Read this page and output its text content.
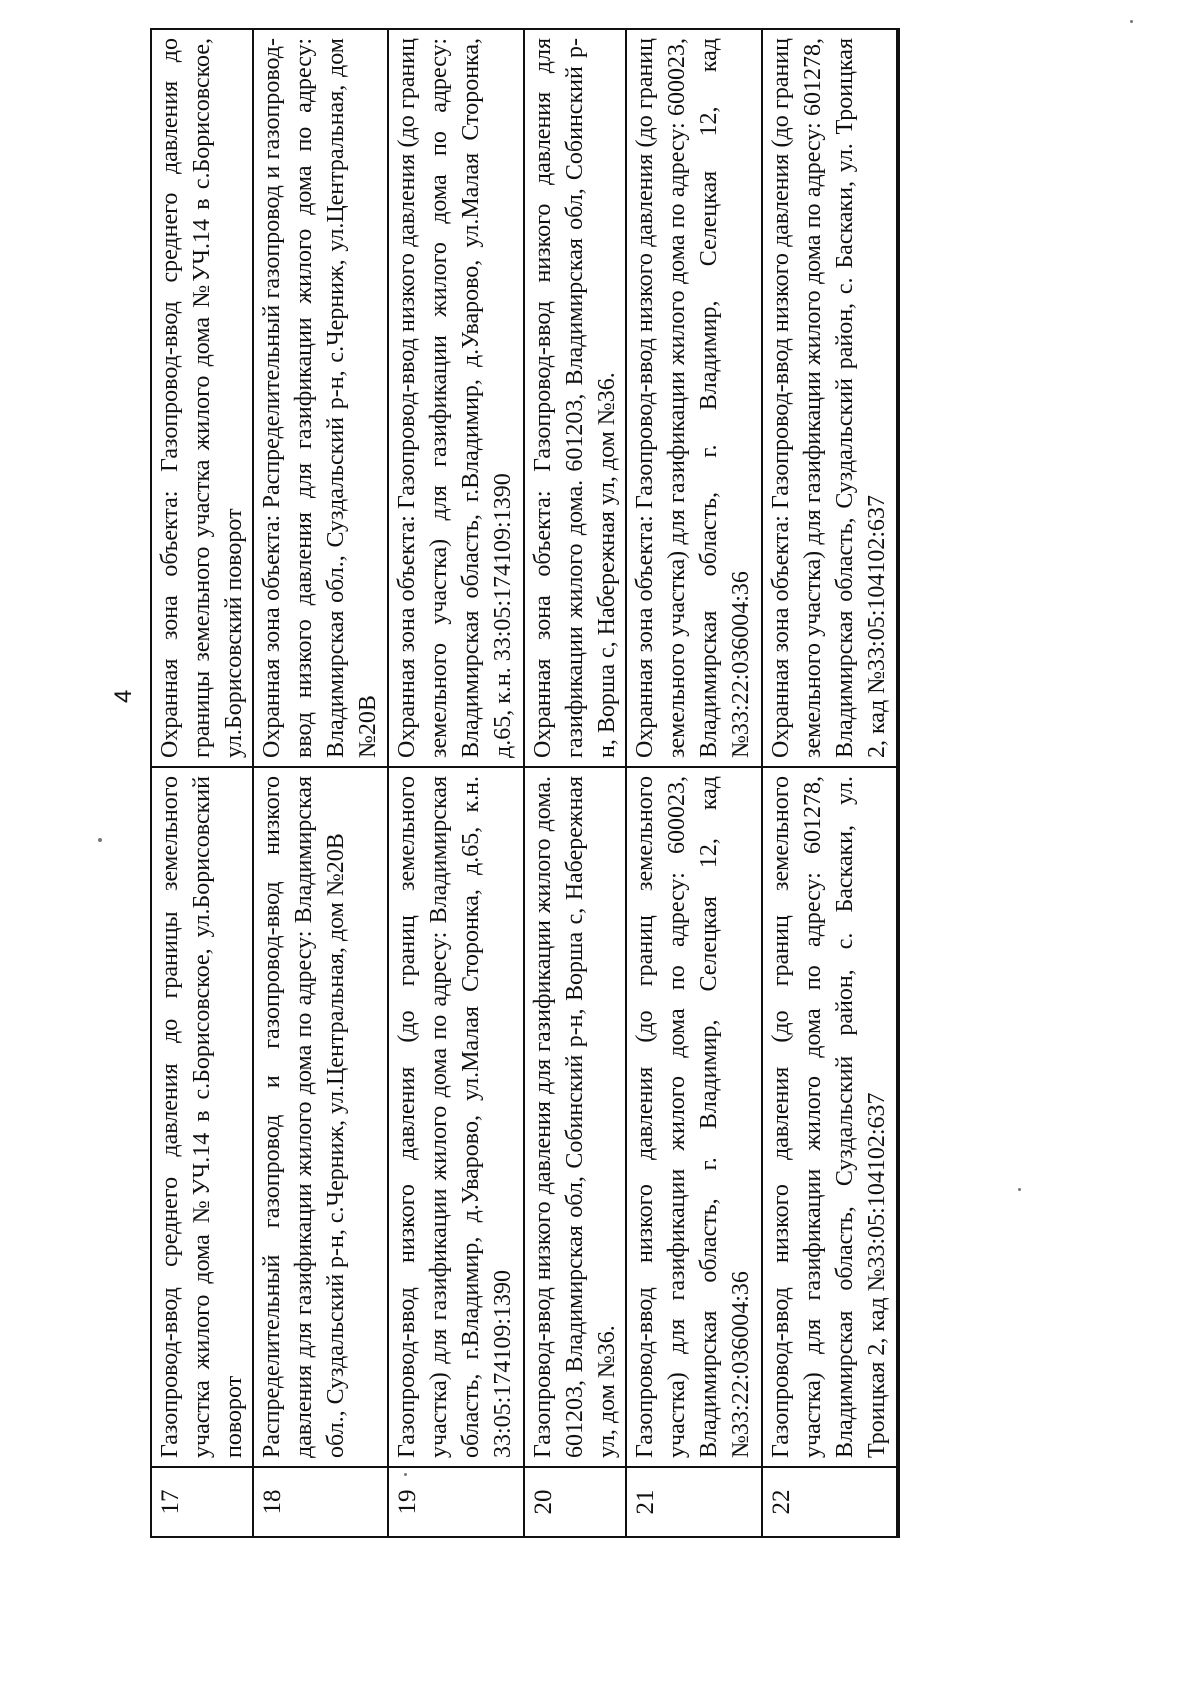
4
17
Газопровод-ввод среднего давления до границы земельного участка жилого дома №УЧ.14 в с.Борисовское, ул.Борисовский поворот
Охранная зона объекта: Газопровод-ввод среднего давления до границы земельного участка жилого дома №УЧ.14 в с.Борисовское, ул.Борисовский поворот
18
Распределительный газопровод и газопровод-ввод низкого давления для газификации жилого дома по адресу: Владимирская обл., Суздальский р-н, с.Черниж, ул.Центральная, дом №20В
Охранная зона объекта: Распределительный газопровод и газопровод-ввод низкого давления для газификации жилого дома по адресу: Владимирская обл., Суздальский р-н, с.Черниж, ул.Центральная, дом №20В
19
Газопровод-ввод низкого давления (до границ земельного участка) для газификации жилого дома по адресу: Владимирская область, г.Владимир, д.Уварово, ул.Малая Сторонка, д.65, к.н. 33:05:174109:1390
Охранная зона объекта: Газопровод-ввод низкого давления (до границ земельного участка) для газификации жилого дома по адресу: Владимирская область, г.Владимир, д.Уварово, ул.Малая Сторонка, д.65, к.н. 33:05:174109:1390
20
Газопровод-ввод низкого давления для газификации жилого дома. 601203, Владимирская обл, Собинский р-н, Ворша с, Набережная ул, дом №36.
Охранная зона объекта: Газопровод-ввод низкого давления для газификации жилого дома. 601203, Владимирская обл, Собинский р-н, Ворша с, Набережная ул, дом №36.
21
Газопровод-ввод низкого давления (до границ земельного участка) для газификации жилого дома по адресу: 600023, Владимирская область, г. Владимир, Селецкая 12, кад №33:22:036004:36
Охранная зона объекта: Газопровод-ввод низкого давления (до границ земельного участка) для газификации жилого дома по адресу: 600023, Владимирская область, г. Владимир, Селецкая 12, кад №33:22:036004:36
22
Газопровод-ввод низкого давления (до границ земельного участка) для газификации жилого дома по адресу: 601278, Владимирская область, Суздальский район, с. Баскаки, ул. Троицкая 2, кад №33:05:104102:637
Охранная зона объекта: Газопровод-ввод низкого давления (до границ земельного участка) для газификации жилого дома по адресу: 601278, Владимирская область, Суздальский район, с. Баскаки, ул. Троицкая 2, кад №33:05:104102:637
